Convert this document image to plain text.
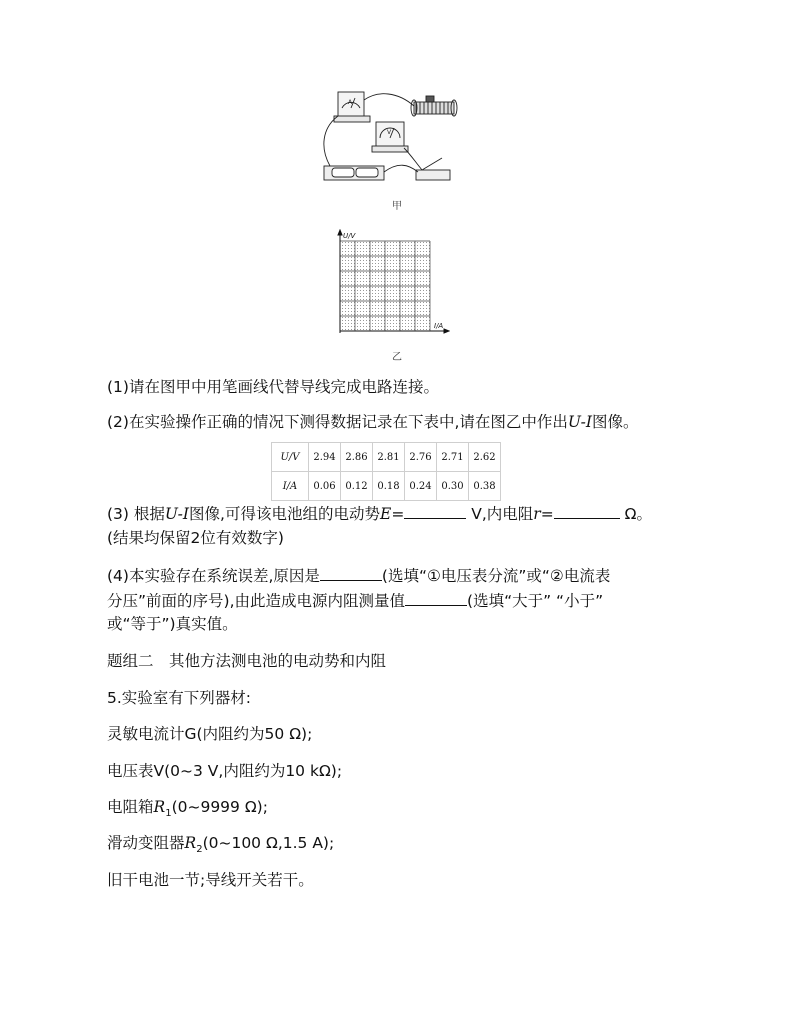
A
V
甲
U/V
I/A
乙
(1)请在图甲中用笔画线代替导线完成电路连接。
(2)在实验操作正确的情况下测得数据记录在下表中,请在图乙中作出U-I图像。
U/V	2.94	2.86	2.81	2.76	2.71	2.62
I/A	0.06	0.12	0.18	0.24	0.30	0.38
(3) 根据U-I图像,可得该电池组的电动势E=	V,内电阻r=	Ω。
(结果均保留2位有效数字)
(4)本实验存在系统误差,原因是	(选填“①电压表分流”或“②电流表
分压”前面的序号),由此造成电源内阻测量值	(选填“大于” “小于”
或“等于”)真实值。
题组二　其他方法测电池的电动势和内阻
5.实验室有下列器材:
灵敏电流计G(内阻约为50 Ω);
电压表V(0~3 V,内阻约为10 kΩ);
电阻箱$R_1(0\sim 9999$ Ω);
滑动变阻器$R_2(0\sim 100$ Ω,1.5 A);
旧干电池一节;导线开关若干。
